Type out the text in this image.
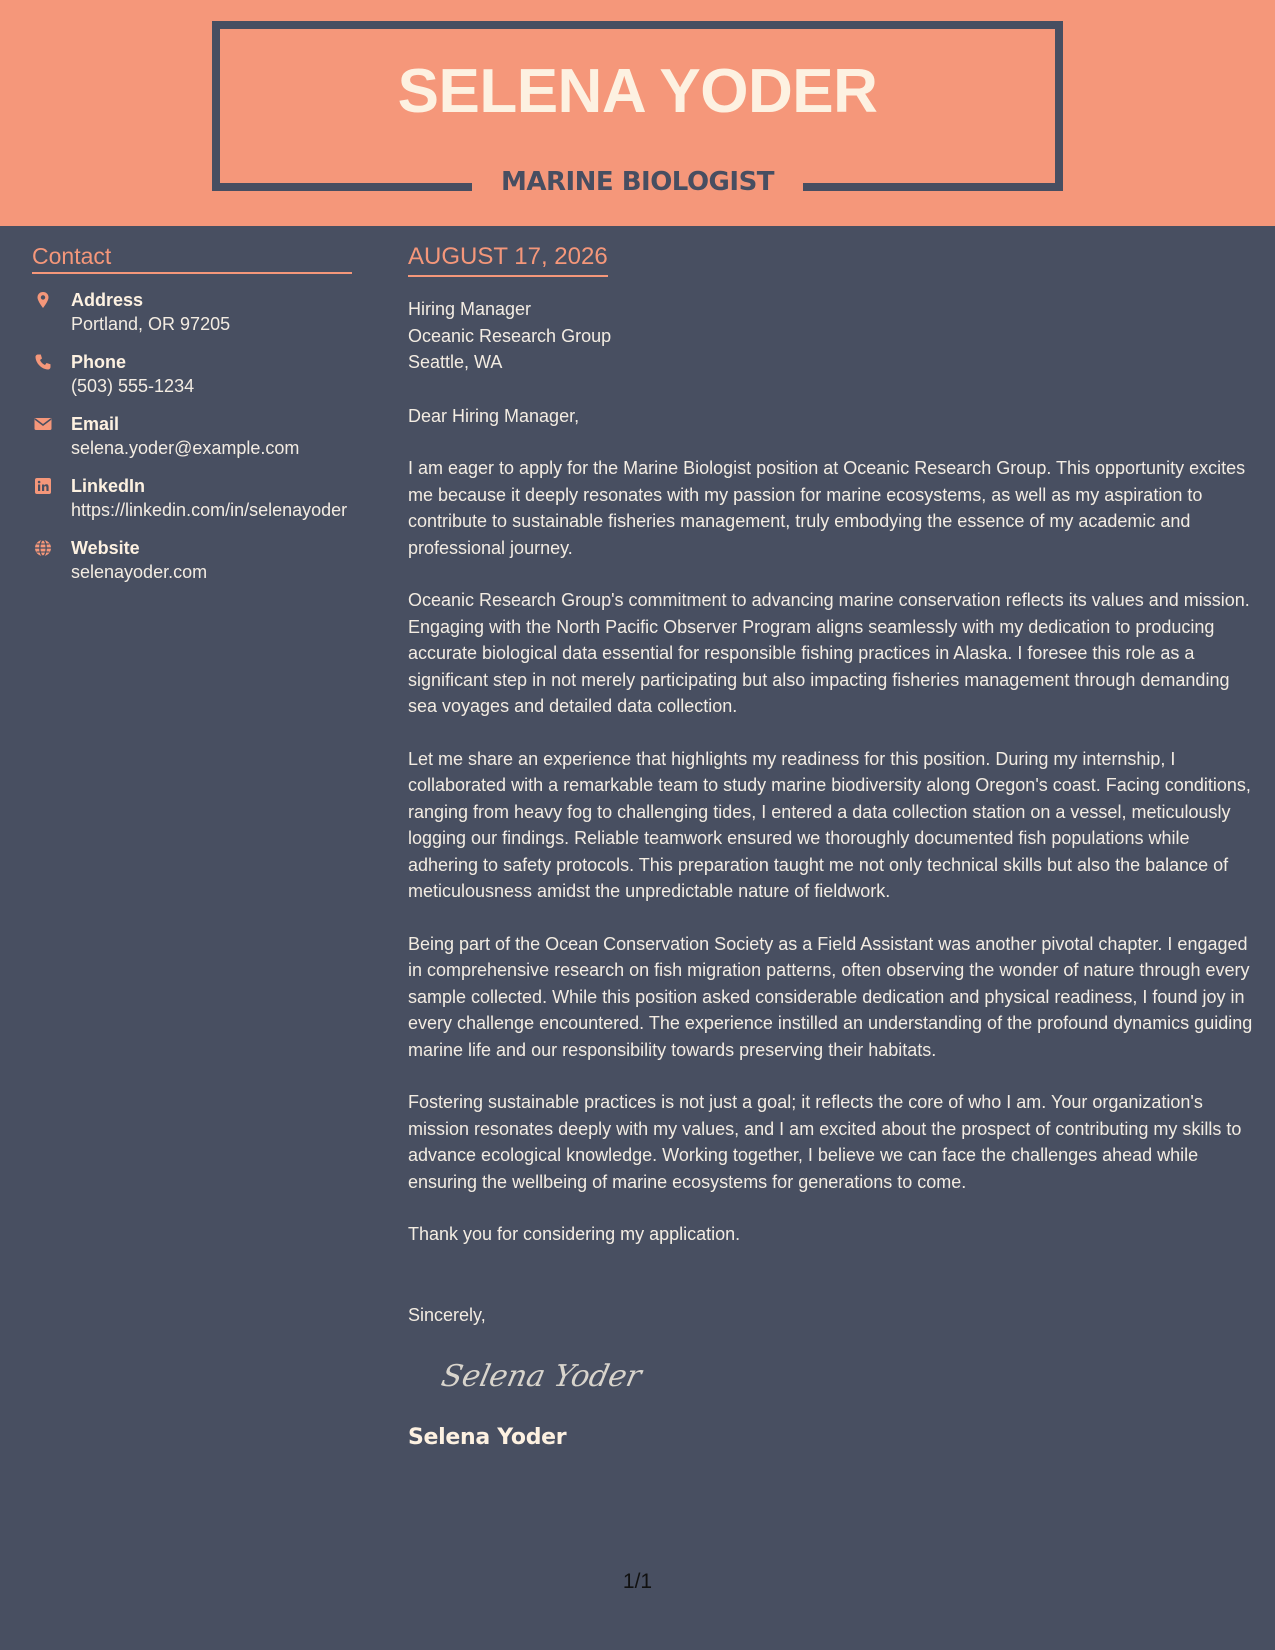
SELENA YODER
MARINE BIOLOGIST
Contact
Address
Portland, OR 97205
Phone
(503) 555-1234
Email
selena.yoder@example.com
LinkedIn
https://linkedin.com/in/selenayoder
Website
selenayoder.com
AUGUST 17, 2026
Hiring Manager
Oceanic Research Group
Seattle, WA
Dear Hiring Manager,
I am eager to apply for the Marine Biologist position at Oceanic Research Group. This opportunity excites me because it deeply resonates with my passion for marine ecosystems, as well as my aspiration to contribute to sustainable fisheries management, truly embodying the essence of my academic and professional journey.
Oceanic Research Group's commitment to advancing marine conservation reflects its values and mission. Engaging with the North Pacific Observer Program aligns seamlessly with my dedication to producing accurate biological data essential for responsible fishing practices in Alaska. I foresee this role as a significant step in not merely participating but also impacting fisheries management through demanding sea voyages and detailed data collection.
Let me share an experience that highlights my readiness for this position. During my internship, I collaborated with a remarkable team to study marine biodiversity along Oregon's coast. Facing conditions, ranging from heavy fog to challenging tides, I entered a data collection station on a vessel, meticulously logging our findings. Reliable teamwork ensured we thoroughly documented fish populations while adhering to safety protocols. This preparation taught me not only technical skills but also the balance of meticulousness amidst the unpredictable nature of fieldwork.
Being part of the Ocean Conservation Society as a Field Assistant was another pivotal chapter. I engaged in comprehensive research on fish migration patterns, often observing the wonder of nature through every sample collected. While this position asked considerable dedication and physical readiness, I found joy in every challenge encountered. The experience instilled an understanding of the profound dynamics guiding marine life and our responsibility towards preserving their habitats.
Fostering sustainable practices is not just a goal; it reflects the core of who I am. Your organization's mission resonates deeply with my values, and I am excited about the prospect of contributing my skills to advance ecological knowledge. Working together, I believe we can face the challenges ahead while ensuring the wellbeing of marine ecosystems for generations to come.
Thank you for considering my application.
Sincerely,
Selena Yoder
Selena Yoder
1/1
